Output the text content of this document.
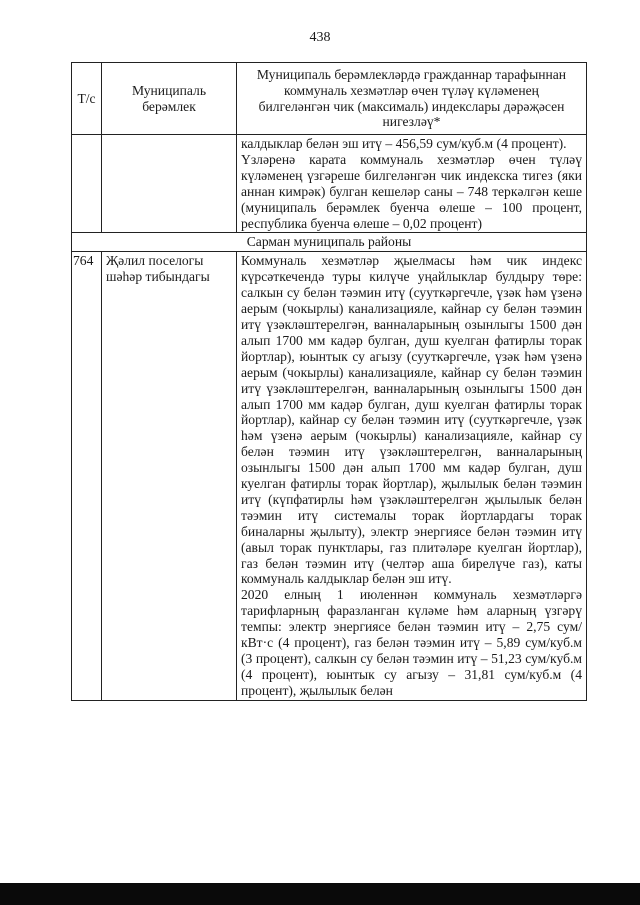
438
Т/с	Муниципаль берәмлек	Муниципаль берәмлекләрдә гражданнар тарафыннан коммуналь хезмәтләр өчен түләү күләменең билгеләнгән чик (максималь) индекслары дәрәҗәсен нигезләү*

		калдыклар белән эш итү – 456,59 сум/куб.м (4 процент).

Үзләренә карата коммуналь хезмәтләр өчен түләү күләменең үзгәреше билгеләнгән чик индекска тигез (яки аннан кимрәк) булган кешеләр саны – 748 теркәлгән кеше (муниципаль берәмлек буенча өлеше – 100 процент, республика буенча өлеше – 0,02 процент)

Сарман муниципаль районы		
764	Җәлил поселогы шәһәр тибындагы	Коммуналь хезмәтләр җыелмасы һәм чик индекс күрсәткечендә туры килүче уңайлыклар булдыру төре: салкын су белән тәэмин итү (сууткәргечле, үзәк һәм үзенә аерым (чокырлы) канализацияле, кайнар су белән тәэмин итү үзәкләштерелгән, ванналарының озынлыгы 1500 дән алып 1700 мм кадәр булган, душ куелган фатирлы торак йортлар), юынтык су агызу (сууткәргечле, үзәк һәм үзенә аерым (чокырлы) канализацияле, кайнар су белән тәэмин итү үзәкләштерелгән, ванналарының озынлыгы 1500 дән алып 1700 мм кадәр булган, душ куелган фатирлы торак йортлар), кайнар су белән тәэмин итү (сууткәргечле, үзәк һәм үзенә аерым (чокырлы) канализацияле, кайнар су белән тәэмин итү үзәкләштерелгән, ванналарының озынлыгы 1500 дән алып 1700 мм кадәр булган, душ куелган фатирлы торак йортлар), җылылык белән тәэмин итү (күпфатирлы һәм үзәкләштерелгән җылылык белән тәэмин итү системалы торак йортлардагы торак биналарны җылыту), электр энергиясе белән тәэмин итү (авыл торак пунктлары, газ плитәләре куелган йортлар), газ белән тәэмин итү (челтәр аша бирелүче газ), каты коммуналь калдыклар белән эш итү.

2020 елның 1 июленнән коммуналь хезмәтләргә тарифларның фаразланган күләме һәм аларның үзгәрү темпы: электр энергиясе белән тәэмин итү – 2,75 сум/кВт·с (4 процент), газ белән тәэмин итү – 5,89 сум/куб.м (3 процент), салкын су белән тәэмин итү – 51,23 сум/куб.м (4 процент), юынтык су агызу – 31,81 сум/куб.м (4 процент), җылылык белән
